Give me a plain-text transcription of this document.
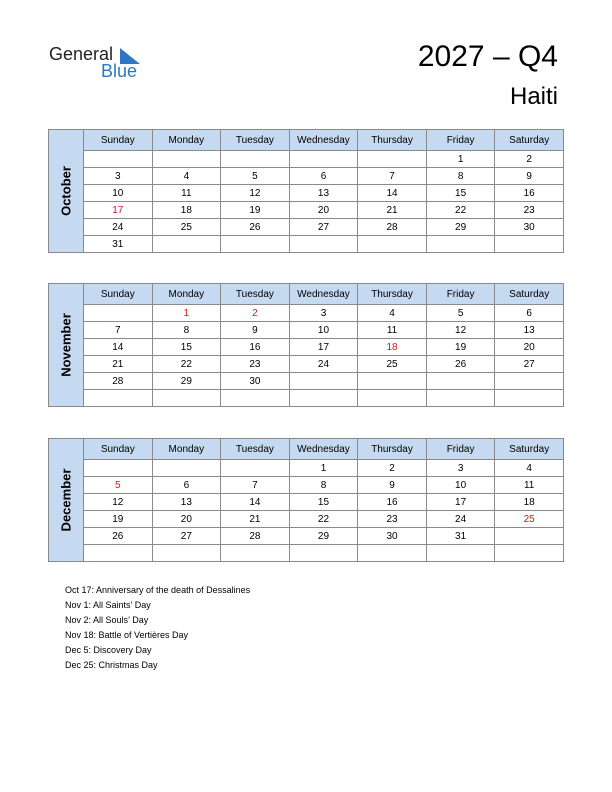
General
Blue	2027 – Q4
Haiti
October	Sunday	Monday	Tuesday	Wednesday	Thursday	Friday	Saturday
						1	2
	3	4	5	6	7	8	9
	10	11	12	13	14	15	16
	17	18	19	20	21	22	23
	24	25	26	27	28	29	30
	31						
November	Sunday	Monday	Tuesday	Wednesday	Thursday	Friday	Saturday
		1	2	3	4	5	6
	7	8	9	10	11	12	13
	14	15	16	17	18	19	20
	21	22	23	24	25	26	27
	28	29	30				

December	Sunday	Monday	Tuesday	Wednesday	Thursday	Friday	Saturday
				1	2	3	4
	5	6	7	8	9	10	11
	12	13	14	15	16	17	18
	19	20	21	22	23	24	25
	26	27	28	29	30	31	

Oct 17: Anniversary of the death of Dessalines
Nov 1: All Saints’ Day
Nov 2: All Souls’ Day
Nov 18: Battle of Vertières Day
Dec 5: Discovery Day
Dec 25: Christmas Day
